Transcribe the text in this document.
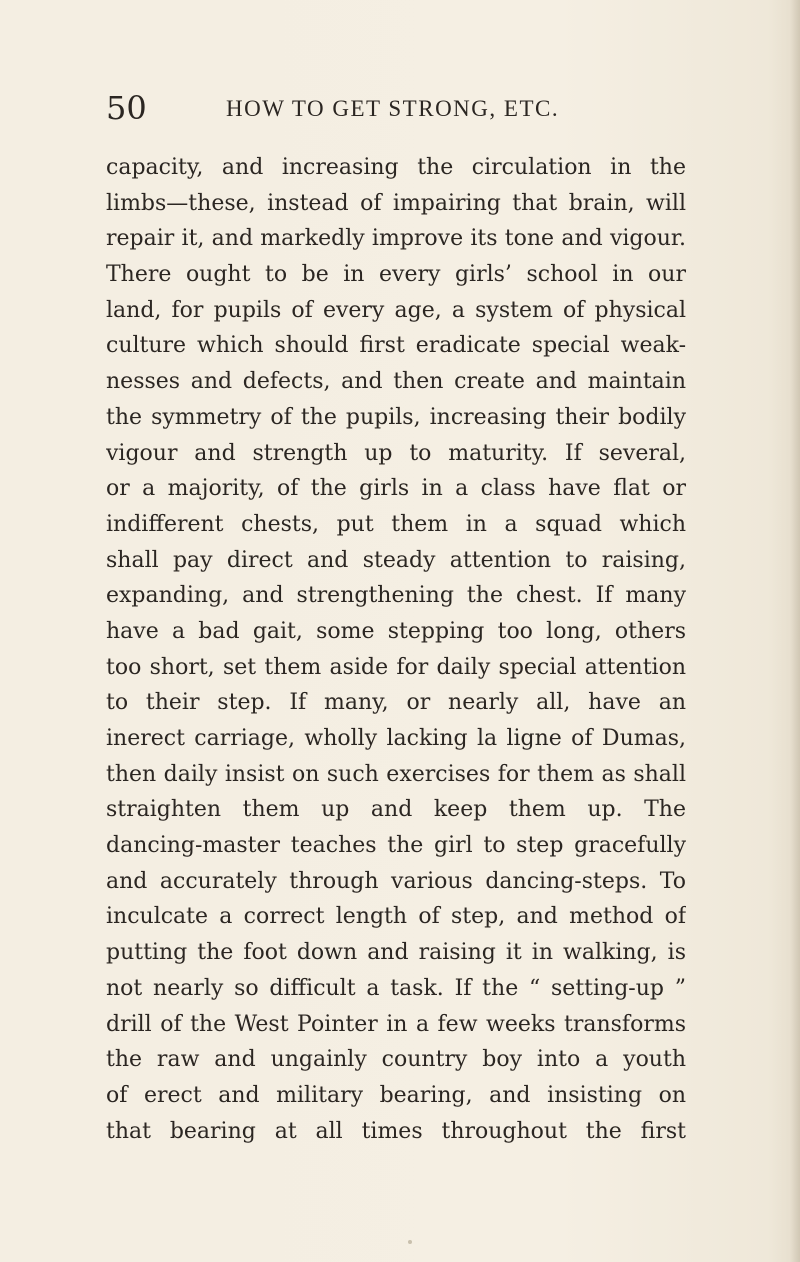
50	HOW TO GET STRONG, ETC.
capacity, and increasing the circulation in the
limbs—these, instead of impairing that brain, will
repair it, and markedly improve its tone and vigour.
There ought to be in every girls’ school in our
land, for pupils of every age, a system of physical
culture which should first eradicate special weak-
nesses and defects, and then create and maintain
the symmetry of the pupils, increasing their bodily
vigour and strength up to maturity. If several,
or a majority, of the girls in a class have flat or
indifferent chests, put them in a squad which
shall pay direct and steady attention to raising,
expanding, and strengthening the chest. If many
have a bad gait, some stepping too long, others
too short, set them aside for daily special attention
to their step. If many, or nearly all, have an
inerect carriage, wholly lacking la ligne of Dumas,
then daily insist on such exercises for them as shall
straighten them up and keep them up. The
dancing-master teaches the girl to step gracefully
and accurately through various dancing-steps. To
inculcate a correct length of step, and method of
putting the foot down and raising it in walking, is
not nearly so difficult a task. If the “ setting-up ”
drill of the West Pointer in a few weeks transforms
the raw and ungainly country boy into a youth
of erect and military bearing, and insisting on
that bearing at all times throughout the first
